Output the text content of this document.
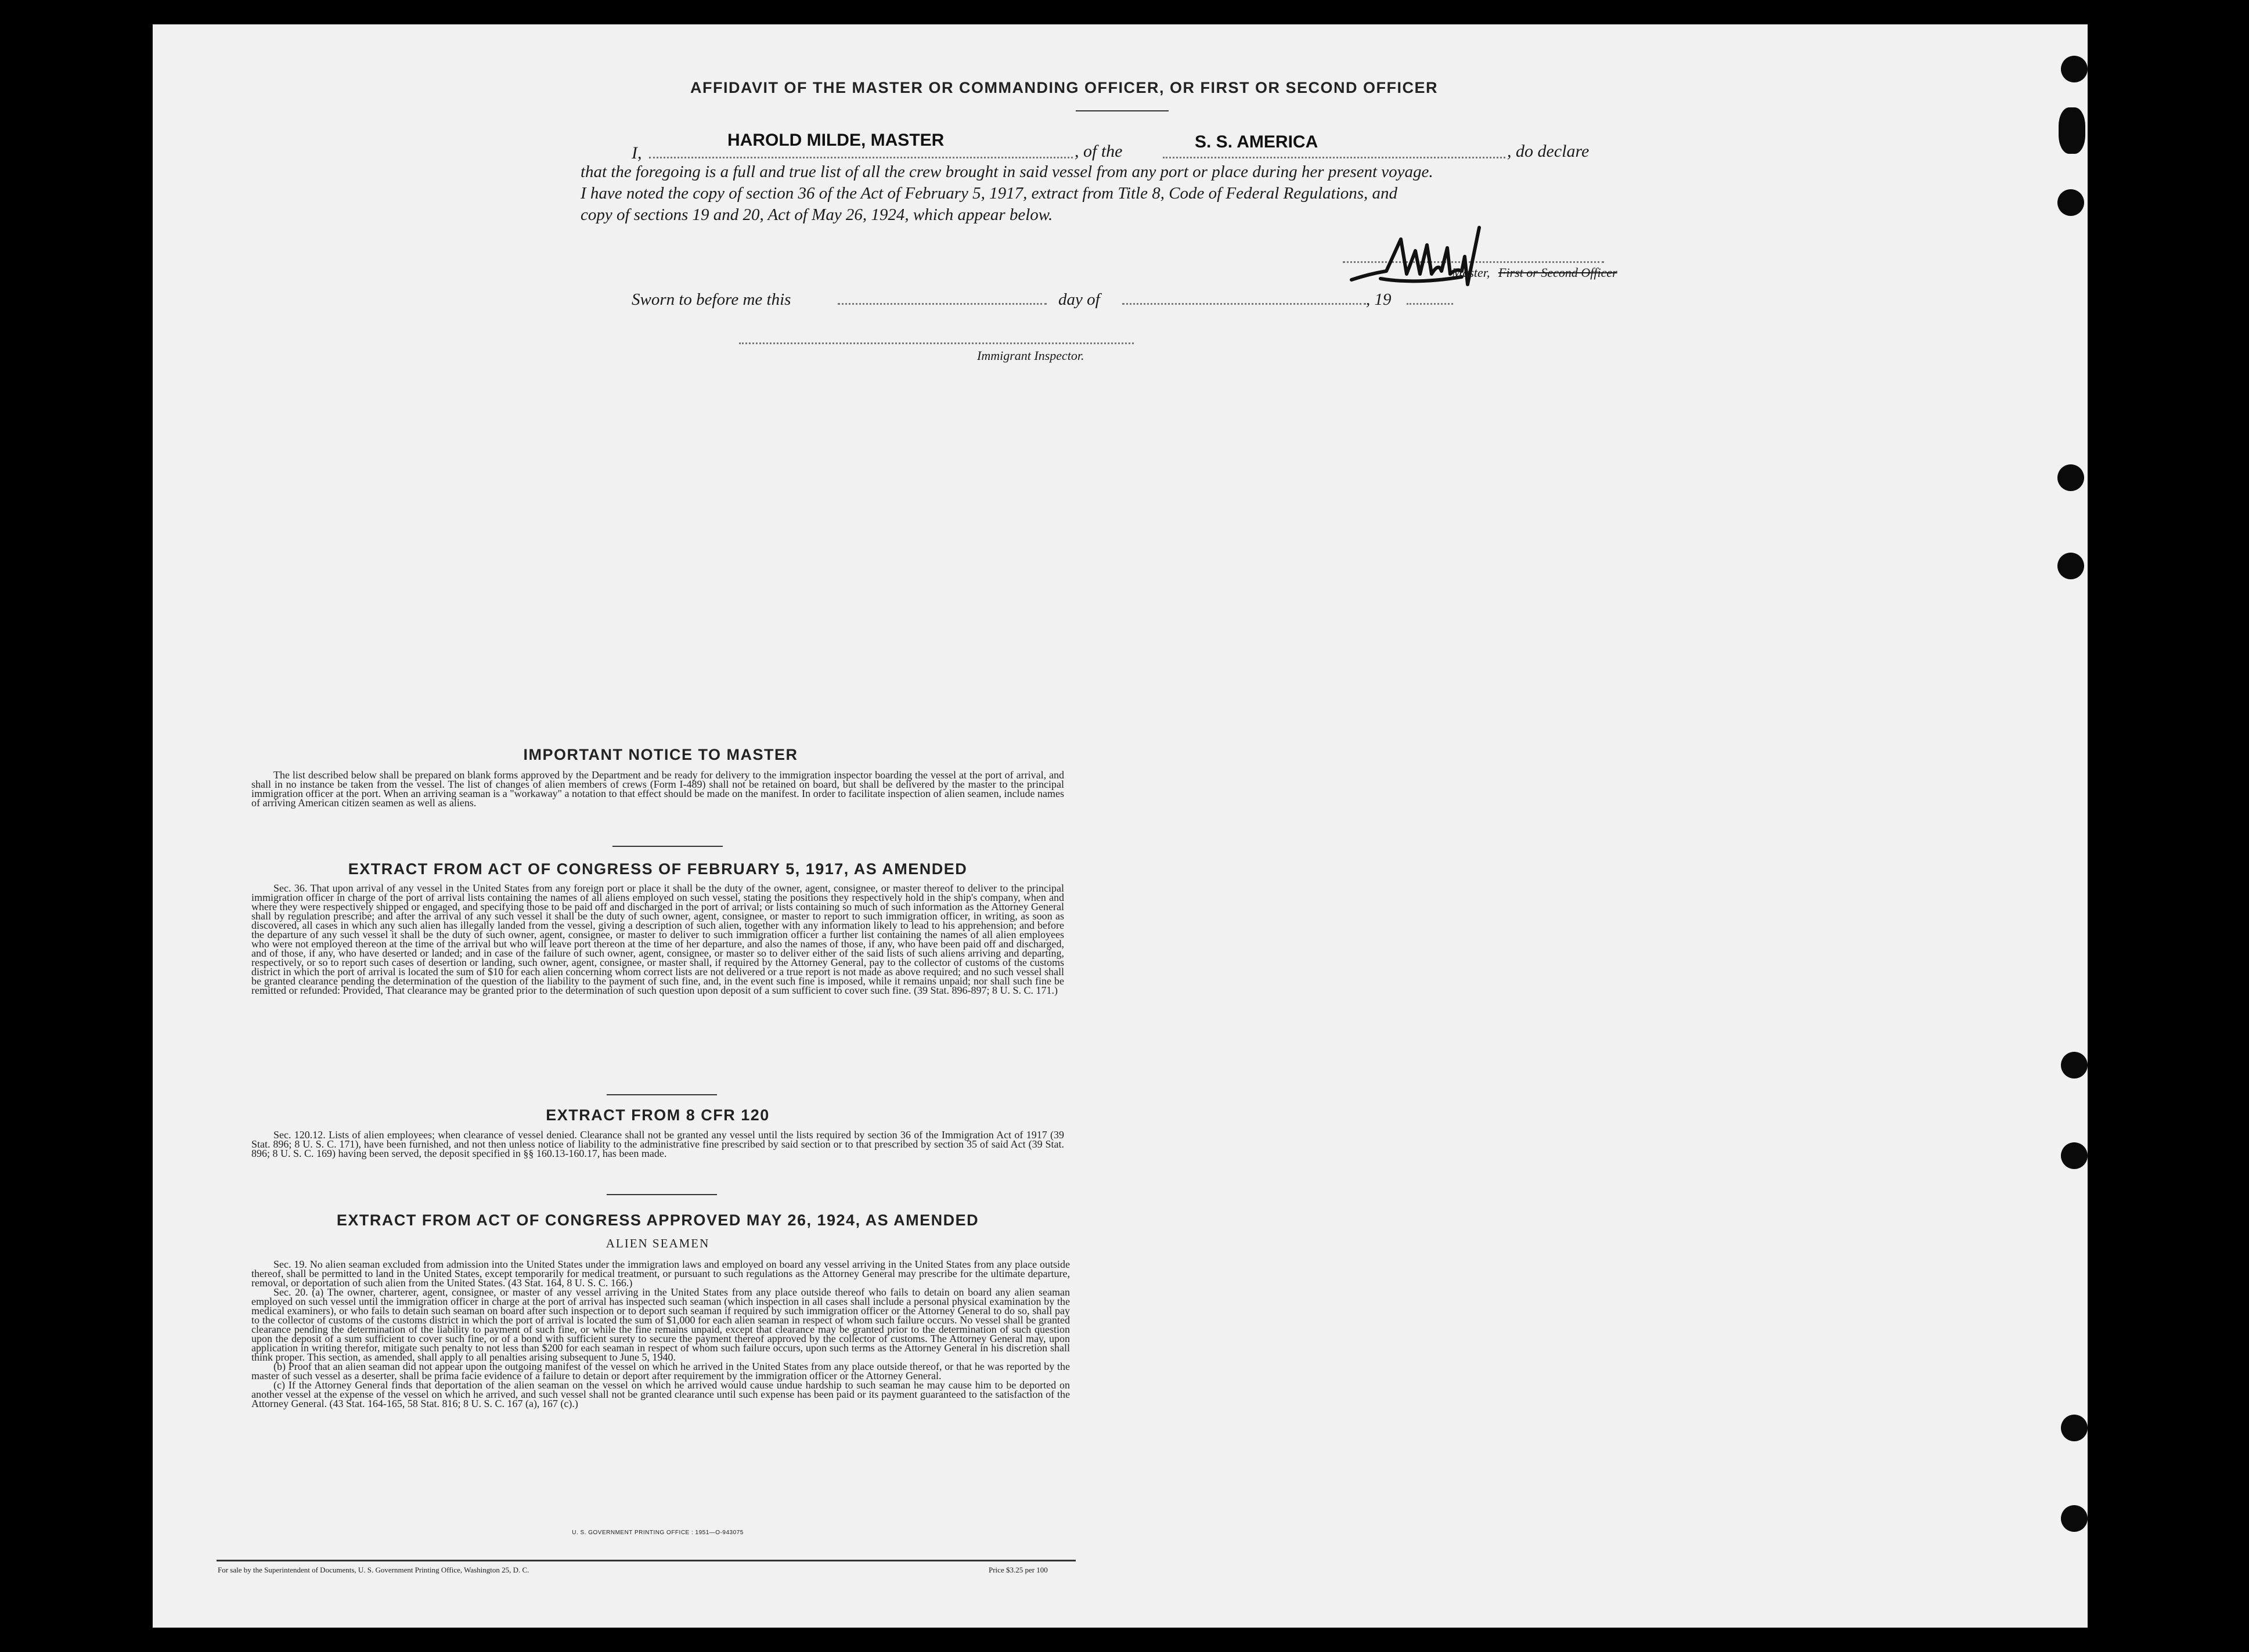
AFFIDAVIT OF THE MASTER OR COMMANDING OFFICER, OR FIRST OR SECOND OFFICER
I,
HAROLD MILDE, MASTER
, of the	S. S. AMERICA	, do declare
that the foregoing is a full and true list of all the crew brought in said vessel from any port or place during her present voyage.
I have noted the copy of section 36 of the Act of February 5, 1917, extract from Title 8, Code of Federal Regulations, and
copy of sections 19 and 20, Act of May 26, 1924, which appear below.
Master, First or Second Officer
Sworn to before me this	day of	, 19
Immigrant Inspector.
IMPORTANT NOTICE TO MASTER

The list described below shall be prepared on blank forms approved by the Department and be ready for delivery to the immigration inspector boarding the vessel at the port of arrival, and shall in no instance be taken from the vessel. The list of changes of alien members of crews (Form I-489) shall not be retained on board, but shall be delivered by the master to the principal immigration officer at the port. When an arriving seaman is a "workaway" a notation to that effect should be made on the manifest. In order to facilitate inspection of alien seamen, include names of arriving American citizen seamen as well as aliens.

EXTRACT FROM ACT OF CONGRESS OF FEBRUARY 5, 1917, AS AMENDED

Sec. 36. That upon arrival of any vessel in the United States from any foreign port or place it shall be the duty of the owner, agent, consignee, or master thereof to deliver to the principal immigration officer in charge of the port of arrival lists containing the names of all aliens employed on such vessel, stating the positions they respectively hold in the ship's company, when and where they were respectively shipped or engaged, and specifying those to be paid off and discharged in the port of arrival; or lists containing so much of such information as the Attorney General shall by regulation prescribe; and after the arrival of any such vessel it shall be the duty of such owner, agent, consignee, or master to report to such immigration officer, in writing, as soon as discovered, all cases in which any such alien has illegally landed from the vessel, giving a description of such alien, together with any information likely to lead to his apprehension; and before the departure of any such vessel it shall be the duty of such owner, agent, consignee, or master to deliver to such immigration officer a further list containing the names of all alien employees who were not employed thereon at the time of the arrival but who will leave port thereon at the time of her departure, and also the names of those, if any, who have been paid off and discharged, and of those, if any, who have deserted or landed; and in case of the failure of such owner, agent, consignee, or master so to deliver either of the said lists of such aliens arriving and departing, respectively, or so to report such cases of desertion or landing, such owner, agent, consignee, or master shall, if required by the Attorney General, pay to the collector of customs of the customs district in which the port of arrival is located the sum of $10 for each alien concerning whom correct lists are not delivered or a true report is not made as above required; and no such vessel shall be granted clearance pending the determination of the question of the liability to the payment of such fine, and, in the event such fine is imposed, while it remains unpaid; nor shall such fine be remitted or refunded: Provided, That clearance may be granted prior to the determination of such question upon deposit of a sum sufficient to cover such fine. (39 Stat. 896-897; 8 U. S. C. 171.)

EXTRACT FROM 8 CFR 120

Sec. 120.12. Lists of alien employees; when clearance of vessel denied. Clearance shall not be granted any vessel until the lists required by section 36 of the Immigration Act of 1917 (39 Stat. 896; 8 U. S. C. 171), have been furnished, and not then unless notice of liability to the administrative fine prescribed by said section or to that prescribed by section 35 of said Act (39 Stat. 896; 8 U. S. C. 169) having been served, the deposit specified in §§ 160.13-160.17, has been made.

EXTRACT FROM ACT OF CONGRESS APPROVED MAY 26, 1924, AS AMENDED
ALIEN SEAMEN

Sec. 19. No alien seaman excluded from admission into the United States under the immigration laws and employed on board any vessel arriving in the United States from any place outside thereof, shall be permitted to land in the United States, except temporarily for medical treatment, or pursuant to such regulations as the Attorney General may prescribe for the ultimate departure, removal, or deportation of such alien from the United States. (43 Stat. 164, 8 U. S. C. 166.)

Sec. 20. (a) The owner, charterer, agent, consignee, or master of any vessel arriving in the United States from any place outside thereof who fails to detain on board any alien seaman employed on such vessel until the immigration officer in charge at the port of arrival has inspected such seaman (which inspection in all cases shall include a personal physical examination by the medical examiners), or who fails to detain such seaman on board after such inspection or to deport such seaman if required by such immigration officer or the Attorney General to do so, shall pay to the collector of customs of the customs district in which the port of arrival is located the sum of $1,000 for each alien seaman in respect of whom such failure occurs. No vessel shall be granted clearance pending the determination of the liability to payment of such fine, or while the fine remains unpaid, except that clearance may be granted prior to the determination of such question upon the deposit of a sum sufficient to cover such fine, or of a bond with sufficient surety to secure the payment thereof approved by the collector of customs. The Attorney General may, upon application in writing therefor, mitigate such penalty to not less than $200 for each seaman in respect of whom such failure occurs, upon such terms as the Attorney General in his discretion shall think proper. This section, as amended, shall apply to all penalties arising subsequent to June 5, 1940.

(b) Proof that an alien seaman did not appear upon the outgoing manifest of the vessel on which he arrived in the United States from any place outside thereof, or that he was reported by the master of such vessel as a deserter, shall be prima facie evidence of a failure to detain or deport after requirement by the immigration officer or the Attorney General.

(c) If the Attorney General finds that deportation of the alien seaman on the vessel on which he arrived would cause undue hardship to such seaman he may cause him to be deported on another vessel at the expense of the vessel on which he arrived, and such vessel shall not be granted clearance until such expense has been paid or its payment guaranteed to the satisfaction of the Attorney General. (43 Stat. 164-165, 58 Stat. 816; 8 U. S. C. 167 (a), 167 (c).)

U. S. GOVERNMENT PRINTING OFFICE : 1951—O-943075
For sale by the Superintendent of Documents, U. S. Government Printing Office, Washington 25, D. C.	Price $3.25 per 100
